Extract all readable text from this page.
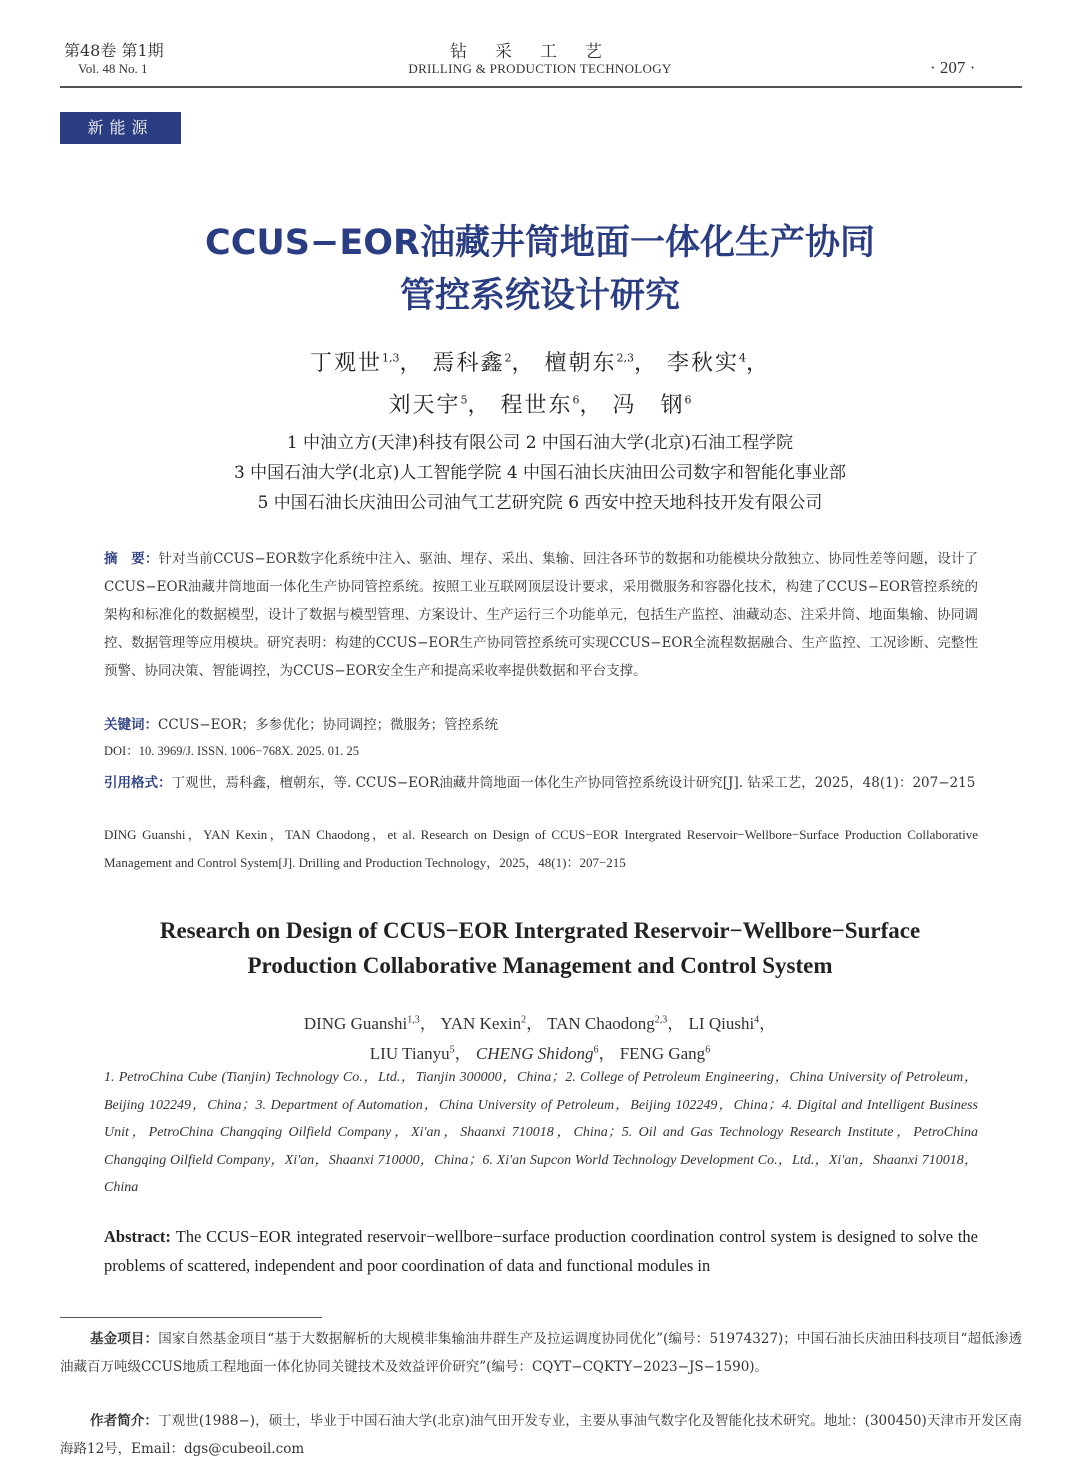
第48卷 第1期
Vol. 48 No. 1
钻采工艺
DRILLING & PRODUCTION TECHNOLOGY	· 207 ·
新能源
CCUS−EOR油藏井筒地面一体化生产协同
管控系统设计研究
丁观世$^{1,3}$， 焉科鑫$^2$， 檀朝东$^{2,3}$， 李秋实$^4$，
刘天宇$^5$， 程世东$^6$， 冯　钢$^6$
1 中油立方(天津)科技有限公司 2 中国石油大学(北京)石油工程学院
3 中国石油大学(北京)人工智能学院 4 中国石油长庆油田公司数字和智能化事业部
5 中国石油长庆油田公司油气工艺研究院 6 西安中控天地科技开发有限公司
摘　要：针对当前CCUS−EOR数字化系统中注入、驱油、埋存、采出、集输、回注各环节的数据和功能模块分散独立、协同性差等问题，设计了CCUS−EOR油藏井筒地面一体化生产协同管控系统。按照工业互联网顶层设计要求，采用微服务和容器化技术，构建了CCUS−EOR管控系统的架构和标准化的数据模型，设计了数据与模型管理、方案设计、生产运行三个功能单元，包括生产监控、油藏动态、注采井筒、地面集输、协同调控、数据管理等应用模块。研究表明：构建的CCUS−EOR生产协同管控系统可实现CCUS−EOR全流程数据融合、生产监控、工况诊断、完整性预警、协同决策、智能调控，为CCUS−EOR安全生产和提高采收率提供数据和平台支撑。
关键词：CCUS−EOR；多参优化；协同调控；微服务；管控系统
DOI：10. 3969/J. ISSN. 1006−768X. 2025. 01. 25
引用格式：丁观世，焉科鑫，檀朝东，等. CCUS−EOR油藏井筒地面一体化生产协同管控系统设计研究[J]. 钻采工艺，2025，48(1)：207−215
DING Guanshi，YAN Kexin，TAN Chaodong，et al. Research on Design of CCUS−EOR Intergrated Reservoir−Wellbore−Surface Production Collaborative Management and Control System[J]. Drilling and Production Technology，2025，48(1)：207−215
Research on Design of CCUS−EOR Intergrated Reservoir−Wellbore−Surface
Production Collaborative Management and Control System
DING Guanshi$^{1,3}$， YAN Kexin$^2$， TAN Chaodong$^{2,3}$， LI Qiushi$^4$，
LIU Tianyu$^5$， CHENG Shidong$^6$， FENG Gang$^6$
1. PetroChina Cube (Tianjin) Technology Co.，Ltd.，Tianjin 300000，China；2. College of Petroleum Engineering，China University of Petroleum，Beijing 102249，China；3. Department of Automation，China University of Petroleum，Beijing 102249，China；4. Digital and Intelligent Business Unit，PetroChina Changqing Oilfield Company，Xi'an，Shaanxi 710018，China；5. Oil and Gas Technology Research Institute，PetroChina Changqing Oilfield Company，Xi'an，Shaanxi 710000，China；6. Xi'an Supcon World Technology Development Co.，Ltd.，Xi'an，Shaanxi 710018，China
Abstract: The CCUS−EOR integrated reservoir−wellbore−surface production coordination control system is designed to solve the problems of scattered, independent and poor coordination of data and functional modules in
基金项目：国家自然基金项目“基于大数据解析的大规模非集输油井群生产及拉运调度协同优化”(编号：51974327)；中国石油长庆油田科技项目“超低渗透油藏百万吨级CCUS地质工程地面一体化协同关键技术及效益评价研究”(编号：CQYT−CQKTY−2023−JS−1590)。
作者简介：丁观世(1988−)，硕士，毕业于中国石油大学(北京)油气田开发专业，主要从事油气数字化及智能化技术研究。地址：(300450)天津市开发区南海路12号，Email：dgs@cubeoil.com
